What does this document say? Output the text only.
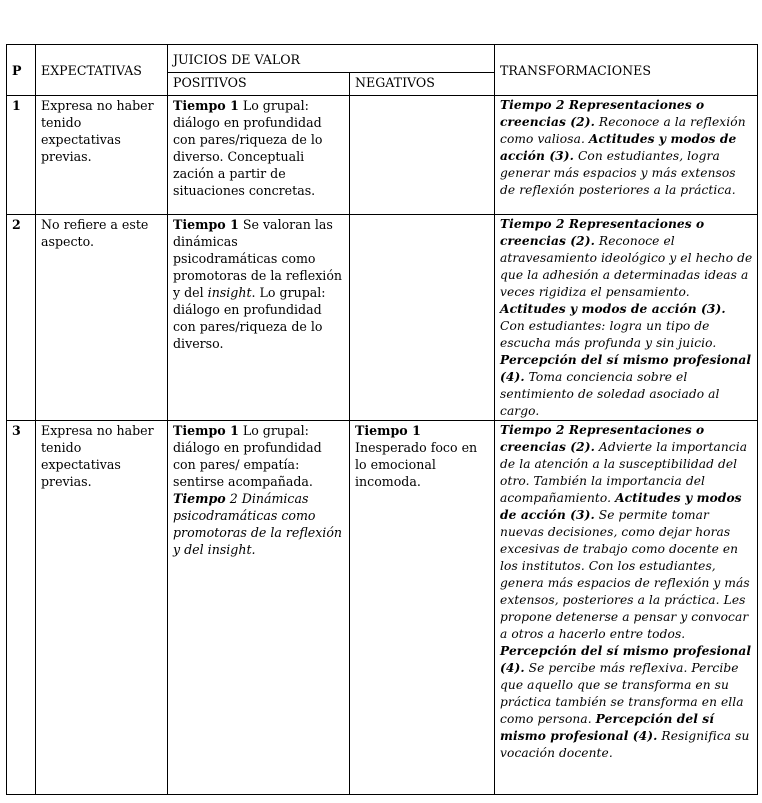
P	EXPECTATIVAS	JUICIOS DE VALOR		TRANSFORMACIONES
		POSITIVOS	NEGATIVOS	
1	Expresa no haber tenido expectativas previas.	Tiempo 1 Lo grupal: diálogo en profundidad con pares/riqueza de lo diverso. Conceptuali zación a partir de situaciones concretas.		Tiempo 2 Representaciones o creencias (2). Reconoce a la reflexión como valiosa. Actitudes y modos de acción (3). Con estudiantes, logra generar más espacios y más extensos de reflexión posteriores a la práctica.
2	No refiere a este aspecto.	Tiempo 1 Se valoran las dinámicas psicodramáticas como promotoras de la reflexión y del insight. Lo grupal: diálogo en profundidad con pares/riqueza de lo diverso.		Tiempo 2 Representaciones o creencias (2). Reconoce el atravesamiento ideológico y el hecho de que la adhesión a determinadas ideas a veces rigidiza el pensamiento. Actitudes y modos de acción (3). Con estudiantes: logra un tipo de escucha más profunda y sin juicio. Percepción del sí mismo profesional (4). Toma conciencia sobre el sentimiento de soledad asociado al cargo.
3	Expresa no haber tenido expectativas previas.	Tiempo 1 Lo grupal: diálogo en profundidad con pares/ empatía: sentirse acompañada. Tiempo 2 Dinámicas psicodramáticas como promotoras de la reflexión y del insight.	Tiempo 1 Inesperado foco en lo emocional incomoda.	Tiempo 2 Representaciones o creencias (2). Advierte la importancia de la atención a la susceptibilidad del otro. También la importancia del acompañamiento. Actitudes y modos de acción (3). Se permite tomar nuevas decisiones, como dejar horas excesivas de trabajo como docente en los institutos. Con los estudiantes, genera más espacios de reflexión y más extensos, posteriores a la práctica. Les propone detenerse a pensar y convocar a otros a hacerlo entre todos. Percepción del sí mismo profesional (4). Se percibe más reflexiva. Percibe que aquello que se transforma en su práctica también se transforma en ella como persona. Percepción del sí mismo profesional (4). Resignifica su vocación docente.
